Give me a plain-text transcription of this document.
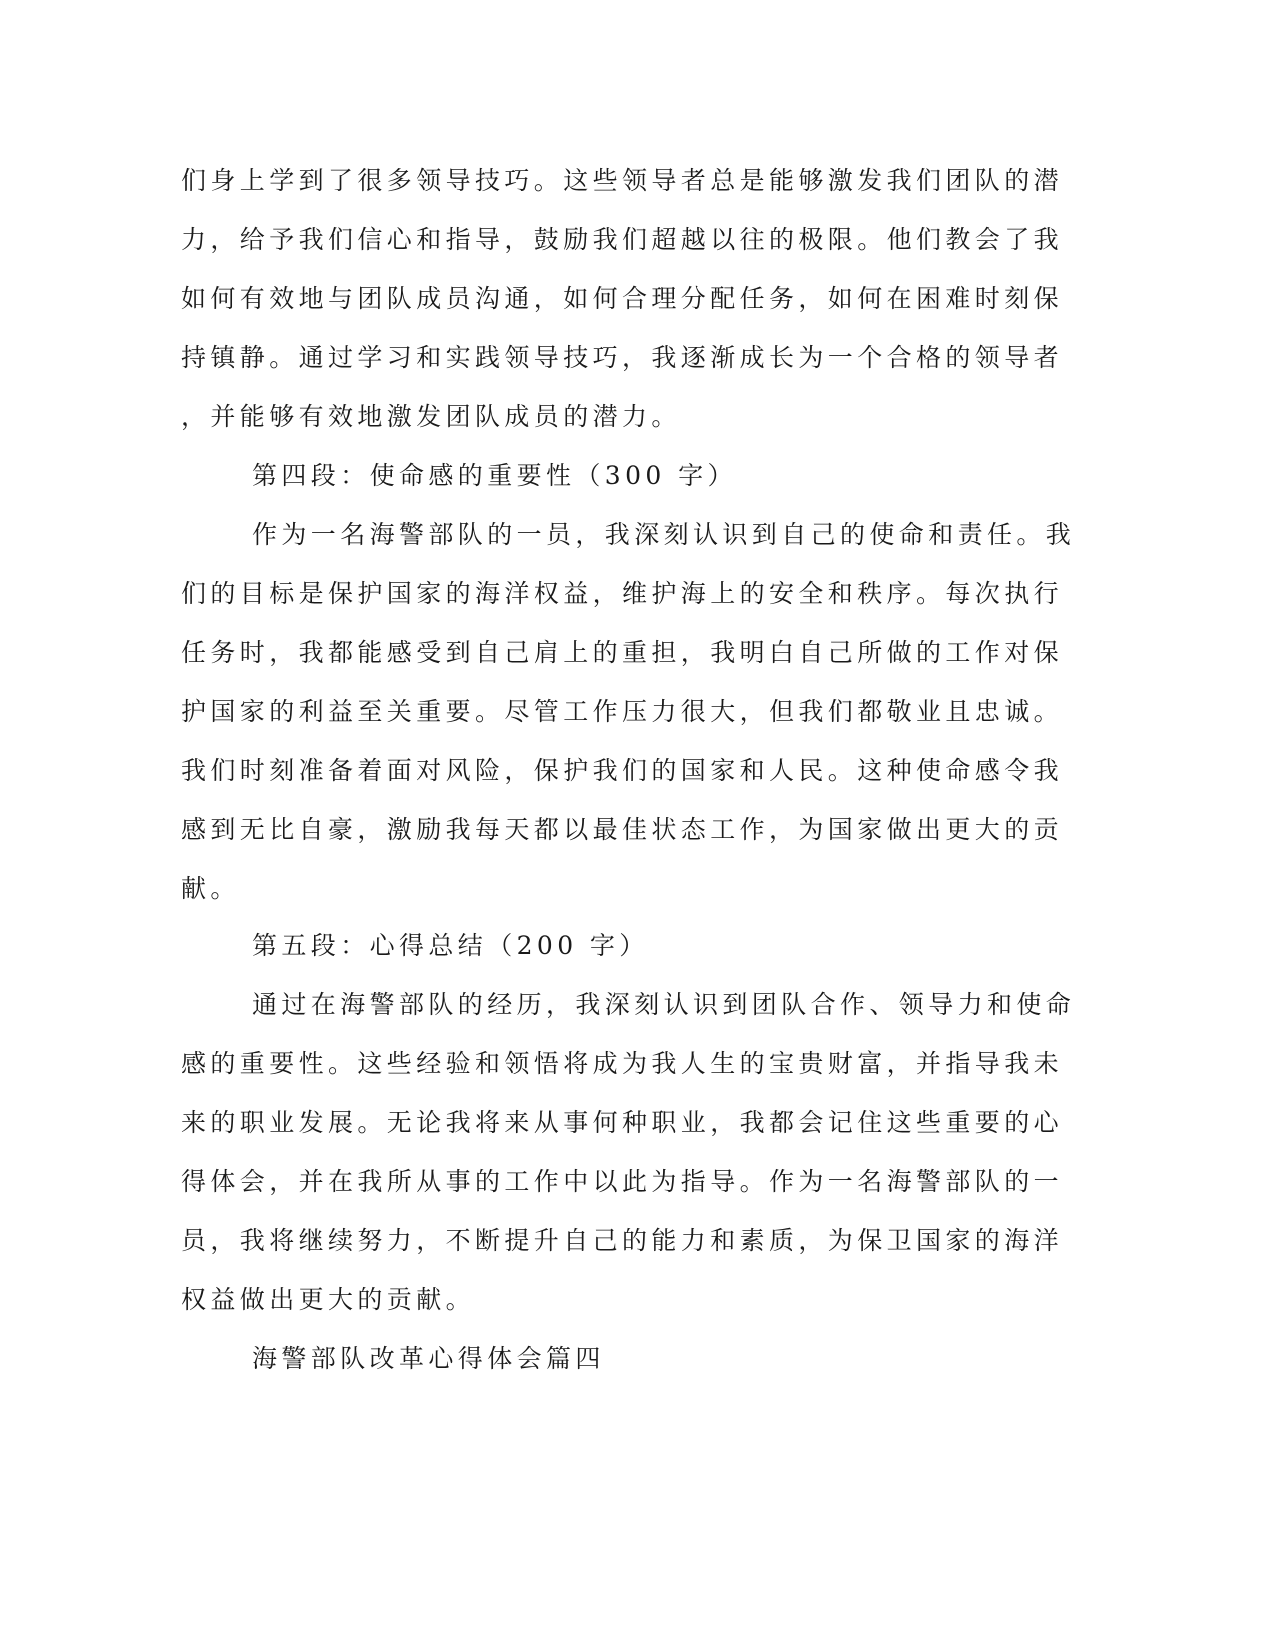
们身上学到了很多领导技巧。这些领导者总是能够激发我们团队的潜
力，给予我们信心和指导，鼓励我们超越以往的极限。他们教会了我
如何有效地与团队成员沟通，如何合理分配任务，如何在困难时刻保
持镇静。通过学习和实践领导技巧，我逐渐成长为一个合格的领导者
，并能够有效地激发团队成员的潜力。
第四段：使命感的重要性（300 字）
作为一名海警部队的一员，我深刻认识到自己的使命和责任。我
们的目标是保护国家的海洋权益，维护海上的安全和秩序。每次执行
任务时，我都能感受到自己肩上的重担，我明白自己所做的工作对保
护国家的利益至关重要。尽管工作压力很大，但我们都敬业且忠诚。
我们时刻准备着面对风险，保护我们的国家和人民。这种使命感令我
感到无比自豪，激励我每天都以最佳状态工作，为国家做出更大的贡
献。
第五段：心得总结（200 字）
通过在海警部队的经历，我深刻认识到团队合作、领导力和使命
感的重要性。这些经验和领悟将成为我人生的宝贵财富，并指导我未
来的职业发展。无论我将来从事何种职业，我都会记住这些重要的心
得体会，并在我所从事的工作中以此为指导。作为一名海警部队的一
员，我将继续努力，不断提升自己的能力和素质，为保卫国家的海洋
权益做出更大的贡献。
海警部队改革心得体会篇四
